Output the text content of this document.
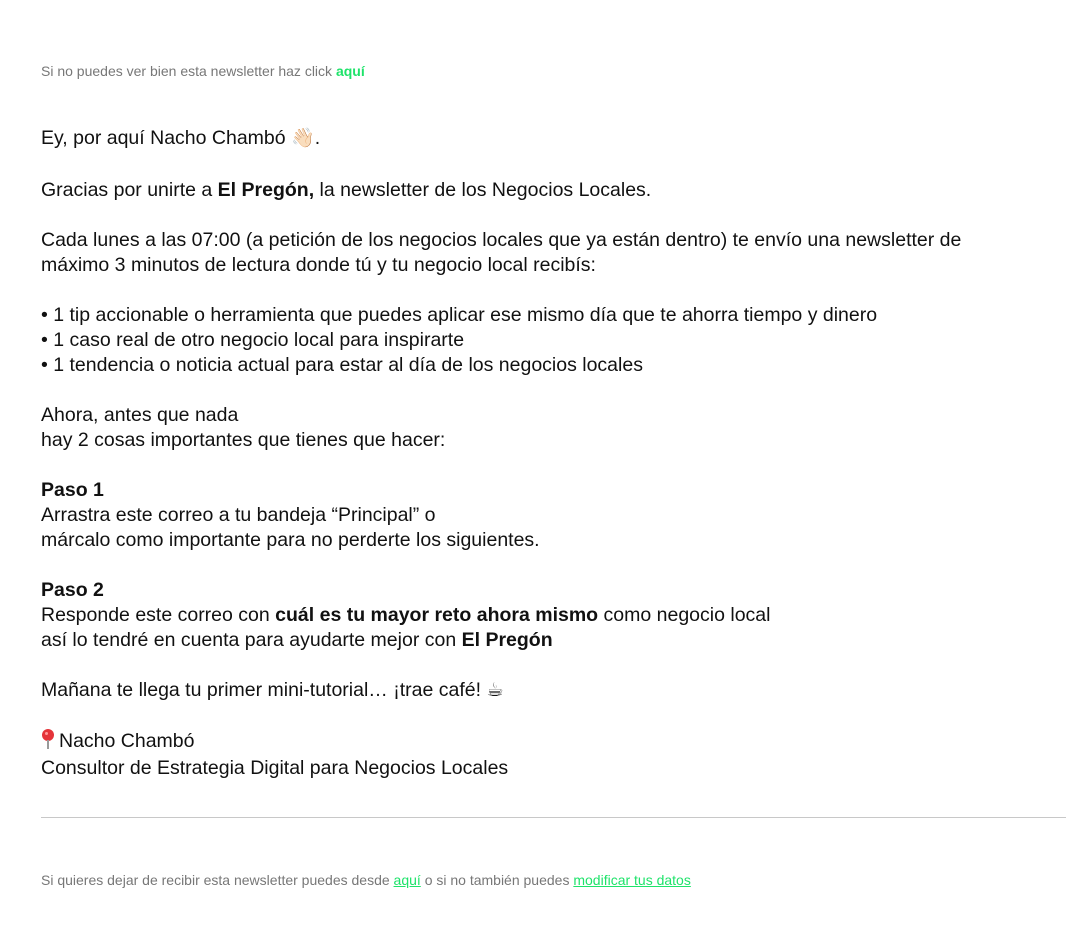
Si no puedes ver bien esta newsletter haz click aquí

Ey, por aquí Nacho Chambó 👋🏻.

Gracias por unirte a El Pregón, la newsletter de los Negocios Locales.

Cada lunes a las 07:00 (a petición de los negocios locales que ya están dentro) te envío una newsletter de
máximo 3 minutos de lectura donde tú y tu negocio local recibís:

• 1 tip accionable o herramienta que puedes aplicar ese mismo día que te ahorra tiempo y dinero
• 1 caso real de otro negocio local para inspirarte
• 1 tendencia o noticia actual para estar al día de los negocios locales

Ahora, antes que nada
hay 2 cosas importantes que tienes que hacer:

Paso 1
Arrastra este correo a tu bandeja “Principal” o
márcalo como importante para no perderte los siguientes.

Paso 2
Responde este correo con cuál es tu mayor reto ahora mismo como negocio local
así lo tendré en cuenta para ayudarte mejor con El Pregón

Mañana te llega tu primer mini-tutorial… ¡trae café! ☕

Nacho Chambó
Consultor de Estrategia Digital para Negocios Locales

Si quieres dejar de recibir esta newsletter puedes desde aquí o si no también puedes modificar tus datos
